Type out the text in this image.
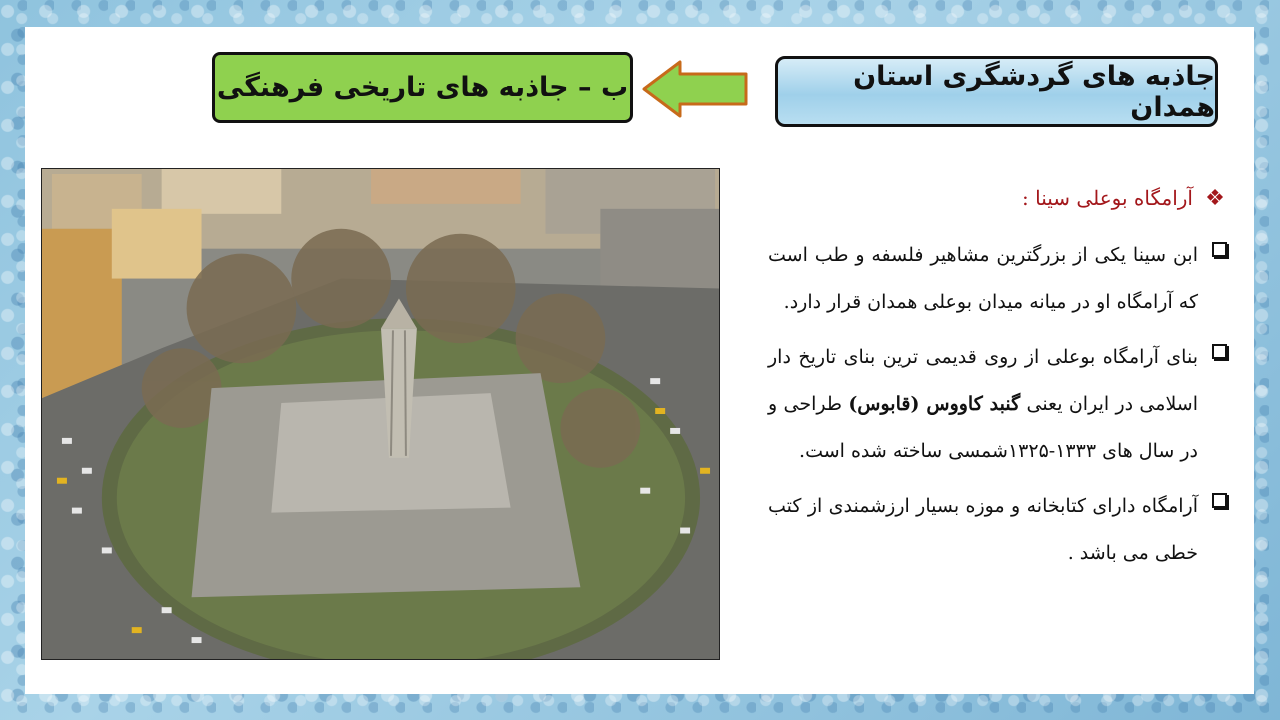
جاذبه های گردشگری استان همدان
ب – جاذبه های تاریخی فرهنگی
❖
آرامگاه بوعلی سینا :
ابن سینا یکی از بزرگترین مشاهیر فلسفه و طب است که آرامگاه او در میانه میدان بوعلی همدان قرار دارد.
بنای آرامگاه بوعلی از روی قدیمی ترین بنای تاریخ دار اسلامی در ایران یعنی گنبد کاووس (قابوس) طراحی و در سال های ۱۳۳۳-۱۳۲۵شمسی ساخته شده است.
آرامگاه دارای کتابخانه و موزه بسیار ارزشمندی از کتب خطی می باشد .
